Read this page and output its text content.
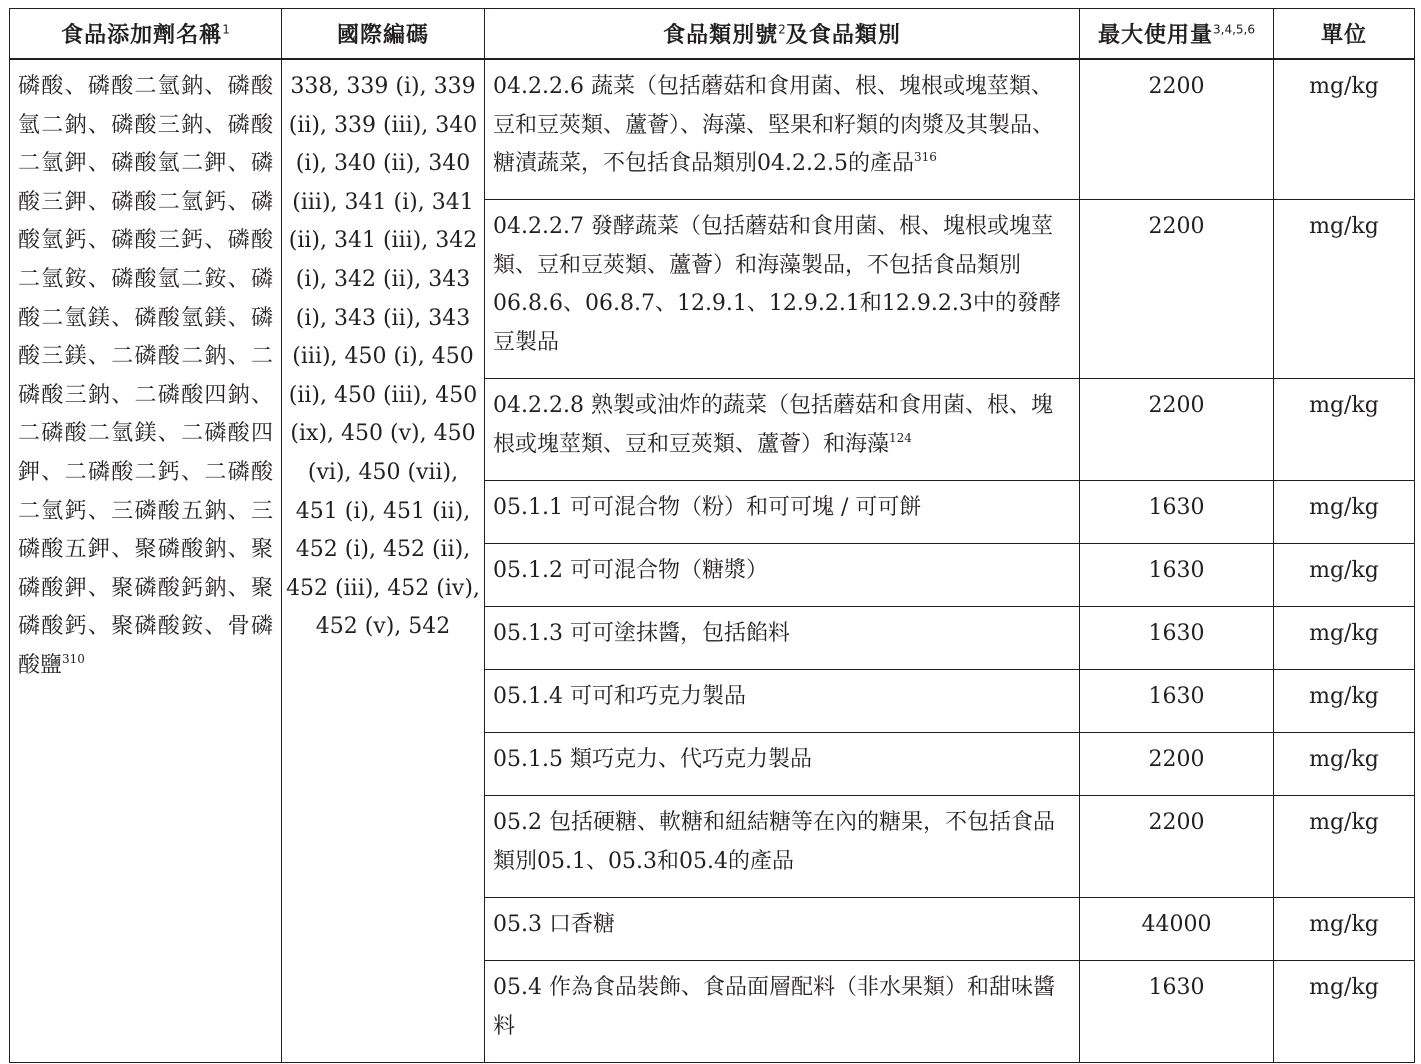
食品添加劑名稱$^1$	國際編碼	食品類別號$^2$及食品類別	最大使用量$^{3,4,5,6}$	單位
磷酸、磷酸二氫鈉、磷酸氫二鈉、磷酸三鈉、磷酸二氫鉀、磷酸氫二鉀、磷酸三鉀、磷酸二氫鈣、磷酸氫鈣、磷酸三鈣、磷酸二氫銨、磷酸氫二銨、磷酸二氫鎂、磷酸氫鎂、磷酸三鎂、二磷酸二鈉、二磷酸三鈉、二磷酸四鈉、二磷酸二氫鎂、二磷酸四鉀、二磷酸二鈣、二磷酸二氫鈣、三磷酸五鈉、三磷酸五鉀、聚磷酸鈉、聚磷酸鉀、聚磷酸鈣鈉、聚磷酸鈣、聚磷酸銨、骨磷酸鹽$^{310}$	338, 339 (i), 339 (ii), 339 (iii), 340 (i), 340 (ii), 340 (iii), 341 (i), 341 (ii), 341 (iii), 342 (i), 342 (ii), 343 (i), 343 (ii), 343 (iii), 450 (i), 450 (ii), 450 (iii), 450 (ix), 450 (v), 450 (vi), 450 (vii), 451 (i), 451 (ii), 452 (i), 452 (ii), 452 (iii), 452 (iv), 452 (v), 542	04.2.2.6 蔬菜（包括蘑菇和食用菌、根、塊根或塊莖類、豆和豆莢類、蘆薈）、海藻、堅果和籽類的肉漿及其製品、糖漬蔬菜，不包括食品類別04.2.2.5的產品$^{316}$	2200	mg/kg
		04.2.2.7 發酵蔬菜（包括蘑菇和食用菌、根、塊根或塊莖類、豆和豆莢類、蘆薈）和海藻製品，不包括食品類別06.8.6、06.8.7、12.9.1、12.9.2.1和12.9.2.3中的發酵豆製品	2200	mg/kg
		04.2.2.8 熟製或油炸的蔬菜（包括蘑菇和食用菌、根、塊根或塊莖類、豆和豆莢類、蘆薈）和海藻$^{124}$	2200	mg/kg
		05.1.1 可可混合物（粉）和可可塊 / 可可餅	1630	mg/kg
		05.1.2 可可混合物（糖漿）	1630	mg/kg
		05.1.3 可可塗抹醬，包括餡料	1630	mg/kg
		05.1.4 可可和巧克力製品	1630	mg/kg
		05.1.5 類巧克力、代巧克力製品	2200	mg/kg
		05.2 包括硬糖、軟糖和紐結糖等在內的糖果，不包括食品類別05.1、05.3和05.4的產品	2200	mg/kg
		05.3 口香糖	44000	mg/kg
		05.4 作為食品裝飾、食品面層配料（非水果類）和甜味醬料	1630	mg/kg
